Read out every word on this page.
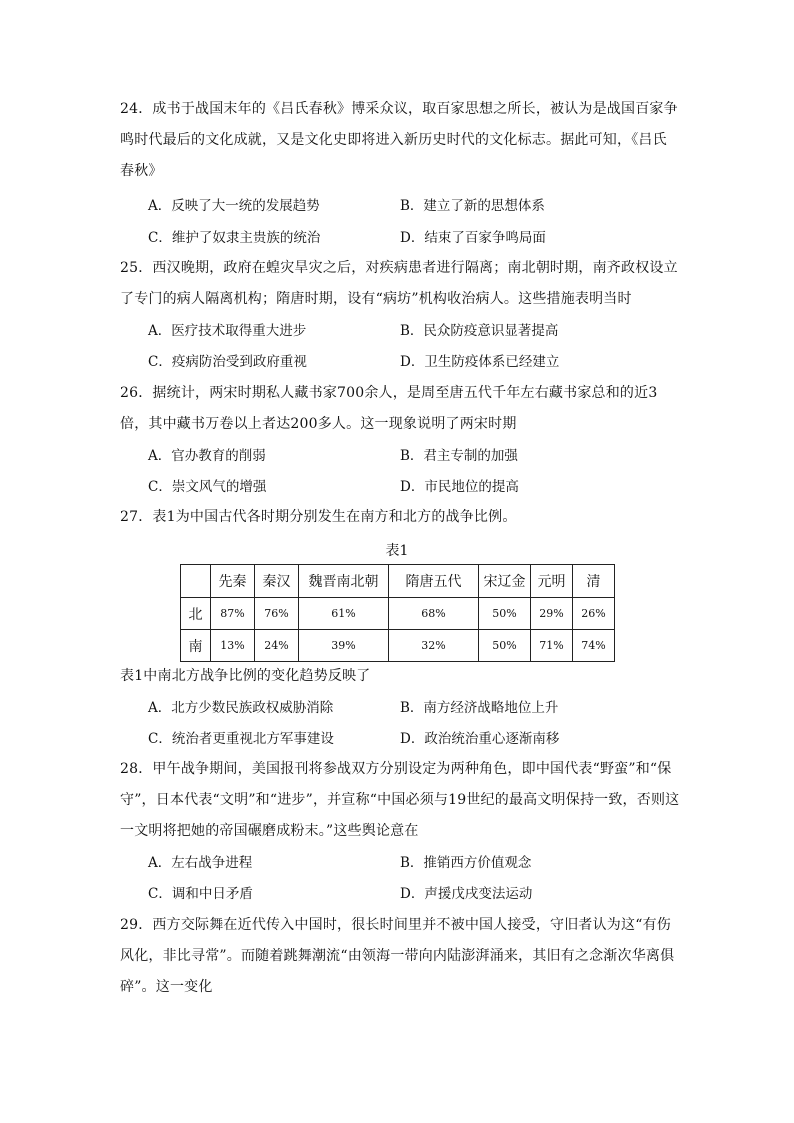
24．成书于战国末年的《吕氏春秋》博采众议，取百家思想之所长，被认为是战国百家争鸣时代最后的文化成就，又是文化史即将进入新历史时代的文化标志。据此可知，《吕氏春秋》

A．反映了大一统的发展趋势	B．建立了新的思想体系
C．维护了奴隶主贵族的统治	D．结束了百家争鸣局面

25．西汉晚期，政府在蝗灾旱灾之后，对疾病患者进行隔离；南北朝时期，南齐政权设立了专门的病人隔离机构；隋唐时期，设有“病坊”机构收治病人。这些措施表明当时

A．医疗技术取得重大进步	B．民众防疫意识显著提高
C．疫病防治受到政府重视	D．卫生防疫体系已经建立

26．据统计，两宋时期私人藏书家700余人，是周至唐五代千年左右藏书家总和的近3倍，其中藏书万卷以上者达200多人。这一现象说明了两宋时期

A．官办教育的削弱	B．君主专制的加强
C．崇文风气的增强	D．市民地位的提高

27．表1为中国古代各时期分别发生在南方和北方的战争比例。

表1
	先秦	秦汉	魏晋南北朝	隋唐五代	宋辽金	元明	清
北	87%	76%	61%	68%	50%	29%	26%
南	13%	24%	39%	32%	50%	71%	74%

表1中南北方战争比例的变化趋势反映了

A．北方少数民族政权威胁消除	B．南方经济战略地位上升
C．统治者更重视北方军事建设	D．政治统治重心逐渐南移

28．甲午战争期间，美国报刊将参战双方分别设定为两种角色，即中国代表“野蛮”和“保守”，日本代表“文明”和“进步”，并宣称“中国必须与19世纪的最高文明保持一致，否则这一文明将把她的帝国碾磨成粉末。”这些舆论意在

A．左右战争进程	B．推销西方价值观念
C．调和中日矛盾	D．声援戊戌变法运动

29．西方交际舞在近代传入中国时，很长时间里并不被中国人接受，守旧者认为这“有伤风化，非比寻常”。而随着跳舞潮流“由领海一带向内陆澎湃涌来，其旧有之念渐次华离俱碎”。这一变化
